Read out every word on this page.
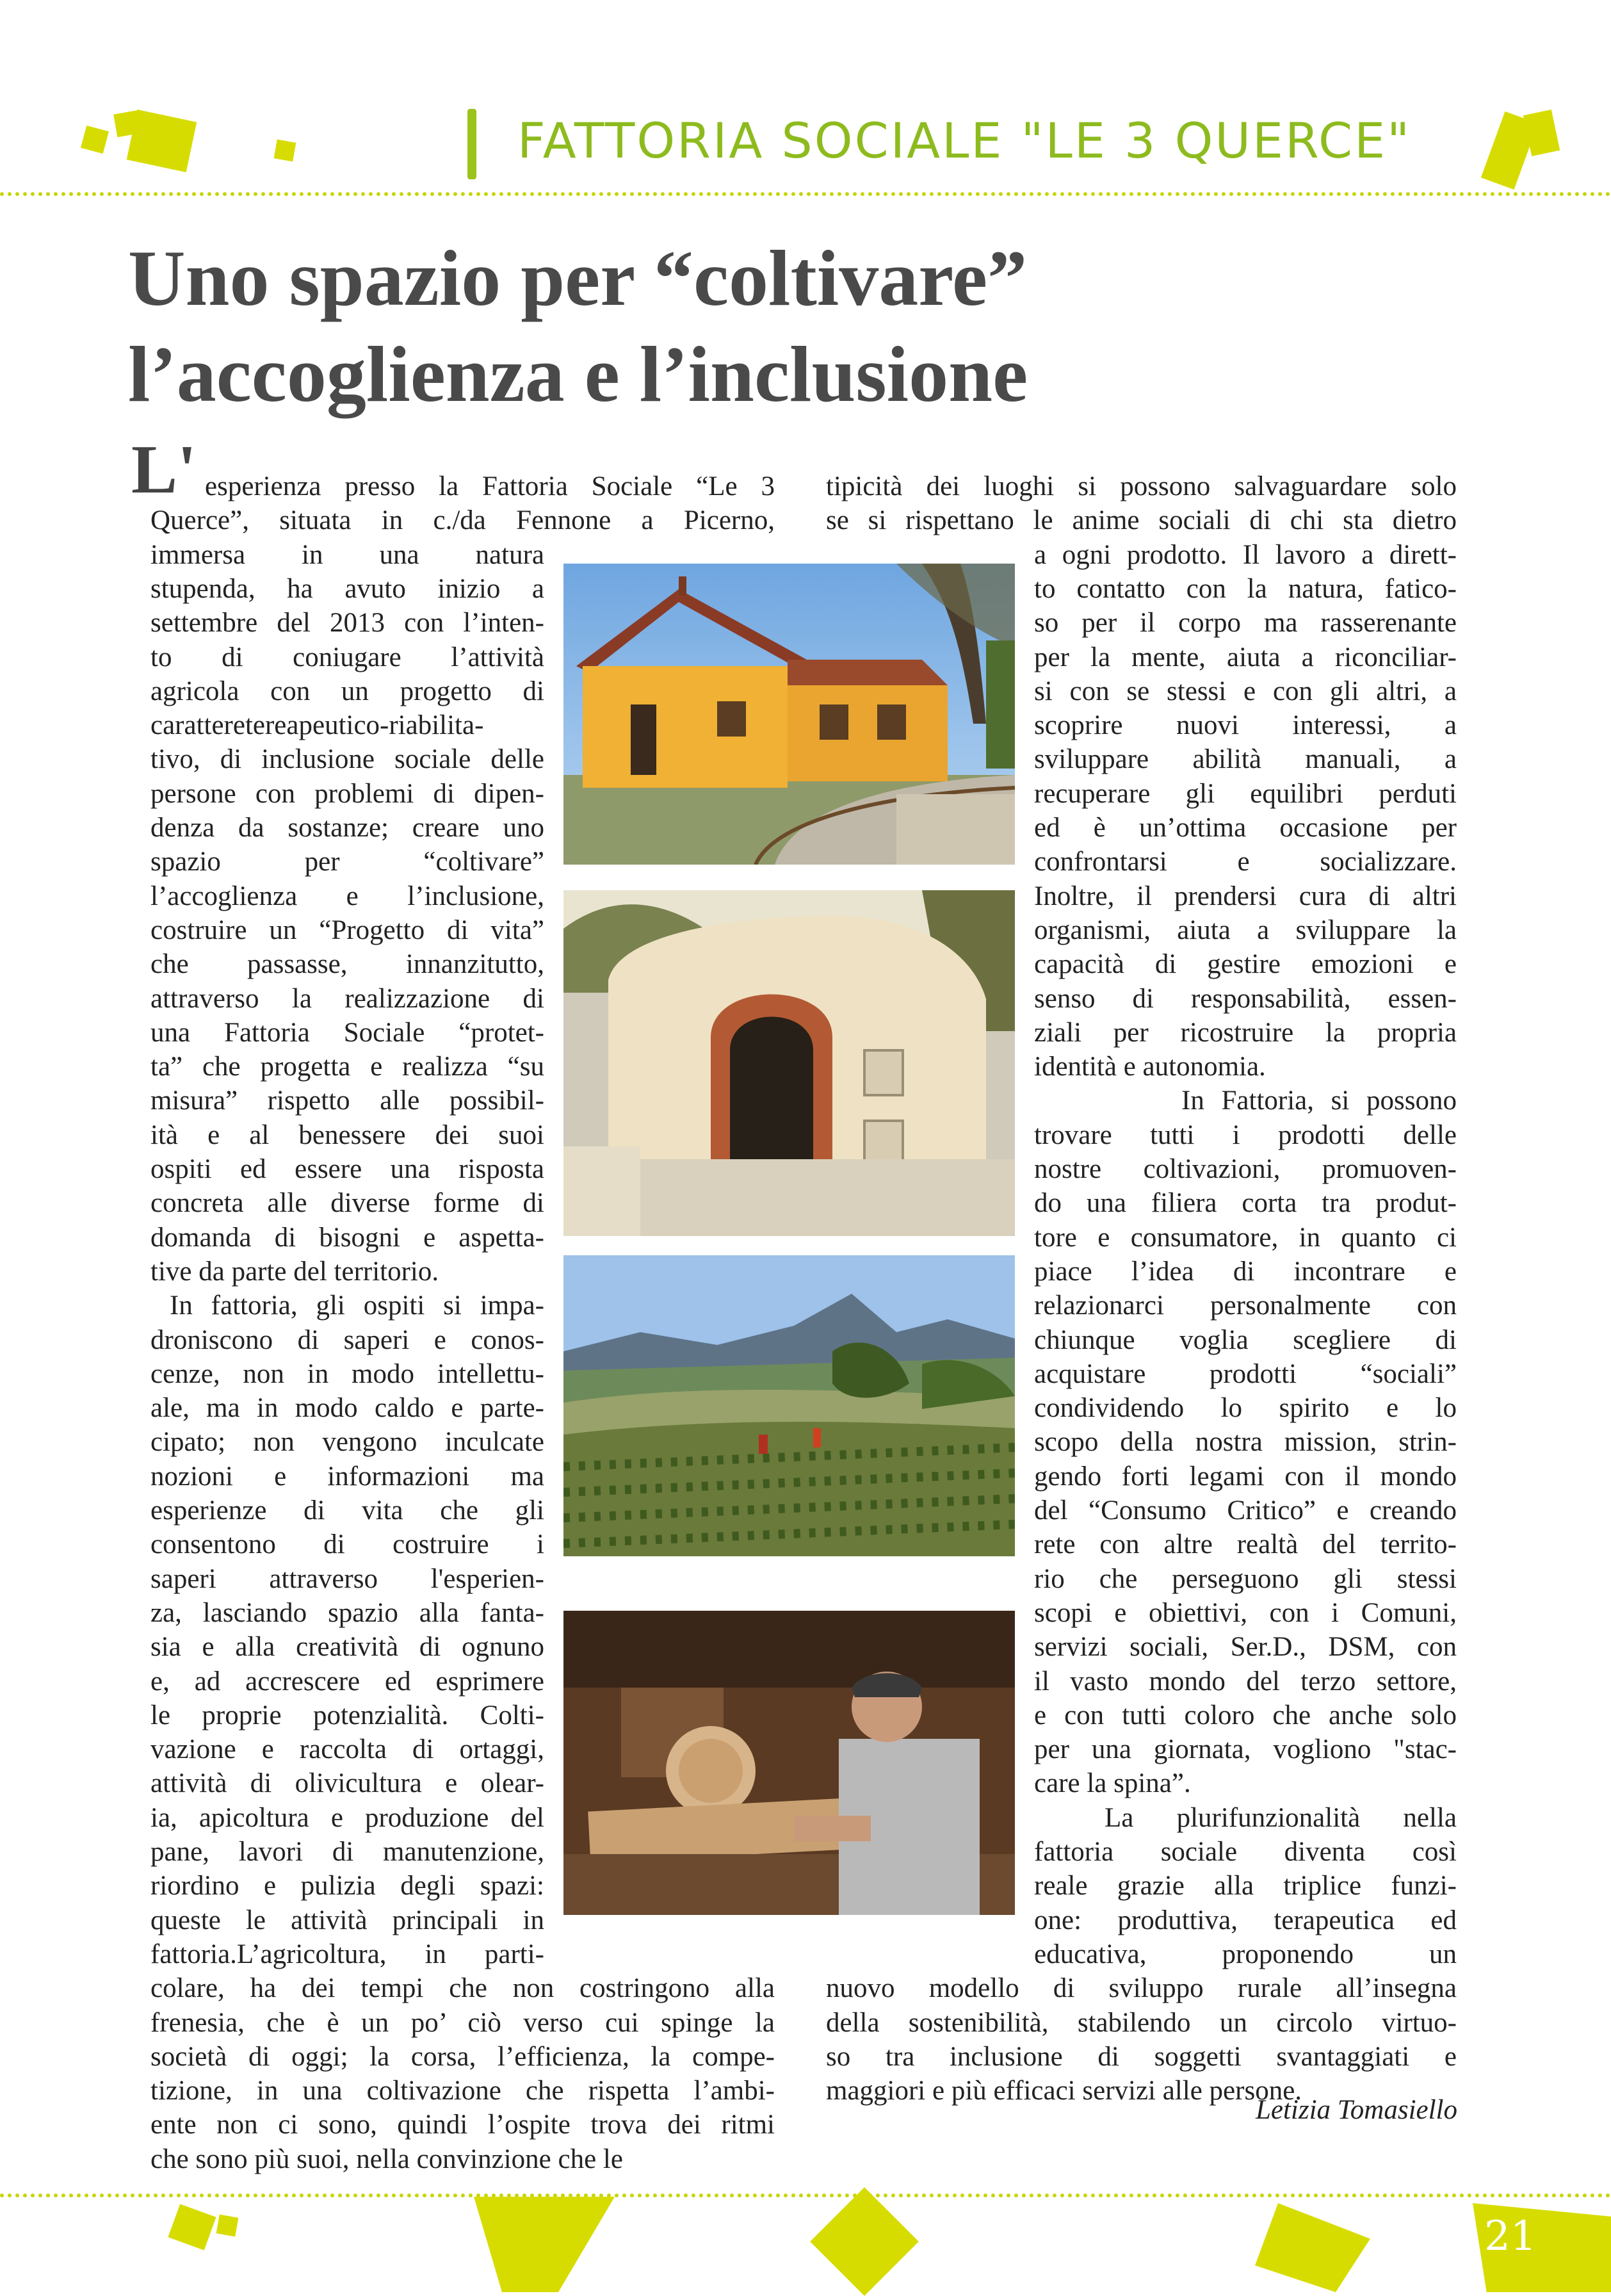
FATTORIA SOCIALE "LE 3 QUERCE"
Uno spazio per “coltivare”
l’accoglienza e l’inclusione
L' esperienza presso la Fattoria Sociale “Le 3
Querce”, situata in c./da Fennone a Picerno,
immersa in una natura
stupenda, ha avuto inizio a
settembre del 2013 con l’inten-
to di coniugare l’attività
agricola con un progetto di
caratteretereapeutico-riabilita-
tivo, di inclusione sociale delle
persone con problemi di dipen-
denza da sostanze; creare uno
spazio per “coltivare”
l’accoglienza e l’inclusione,
costruire un “Progetto di vita”
che passasse, innanzitutto,
attraverso la realizzazione di
una Fattoria Sociale “protet-
ta” che progetta e realizza “su
misura” rispetto alle possibil-
ità e al benessere dei suoi
ospiti ed essere una risposta
concreta alle diverse forme di
domanda di bisogni e aspetta-
tive da parte del territorio.
In fattoria, gli ospiti si impa-
droniscono di saperi e conos-
cenze, non in modo intellettu-
ale, ma in modo caldo e parte-
cipato; non vengono inculcate
nozioni e informazioni ma
esperienze di vita che gli
consentono di costruire i
saperi attraverso l'esperien-
za, lasciando spazio alla fanta-
sia e alla creatività di ognuno
e, ad accrescere ed esprimere
le proprie potenzialità. Colti-
vazione e raccolta di ortaggi,
attività di olivicultura e olear-
ia, apicoltura e produzione del
pane, lavori di manutenzione,
riordino e pulizia degli spazi:
queste le attività principali in
fattoria.L’agricoltura, in parti-
colare, ha dei tempi che non costringono alla
frenesia, che è un po’ ciò verso cui spinge la
società di oggi; la corsa, l’efficienza, la compe-
tizione, in una coltivazione che rispetta l’ambi-
ente non ci sono, quindi l’ospite trova dei ritmi
che sono più suoi, nella convinzione che le
tipicità dei luoghi si possono salvaguardare solo
se si rispettano le anime sociali di chi sta dietro
a ogni prodotto. Il lavoro a dirett-
to contatto con la natura, fatico-
so per il corpo ma rasserenante
per la mente, aiuta a riconciliar-
si con se stessi e con gli altri, a
scoprire nuovi interessi, a
sviluppare abilità manuali, a
recuperare gli equilibri perduti
ed è un’ottima occasione per
confrontarsi e socializzare.
Inoltre, il prendersi cura di altri
organismi, aiuta a sviluppare la
capacità di gestire emozioni e
senso di responsabilità, essen-
ziali per ricostruire la propria
identità e autonomia.
In Fattoria, si possono
trovare tutti i prodotti delle
nostre coltivazioni, promuoven-
do una filiera corta tra produt-
tore e consumatore, in quanto ci
piace l’idea di incontrare e
relazionarci personalmente con
chiunque voglia scegliere di
acquistare prodotti “sociali”
condividendo lo spirito e lo
scopo della nostra mission, strin-
gendo forti legami con il mondo
del “Consumo Critico” e creando
rete con altre realtà del territo-
rio che perseguono gli stessi
scopi e obiettivi, con i Comuni,
servizi sociali, Ser.D., DSM, con
il vasto mondo del terzo settore,
e con tutti coloro che anche solo
per una giornata, vogliono "stac-
care la spina”.
La plurifunzionalità nella
fattoria sociale diventa così
reale grazie alla triplice funzi-
one: produttiva, terapeutica ed
educativa, proponendo un
nuovo modello di sviluppo rurale all’insegna
della sostenibilità, stabilendo un circolo virtuo-
so tra inclusione di soggetti svantaggiati e
maggiori e più efficaci servizi alle persone.
Letizia Tomasiello
21
